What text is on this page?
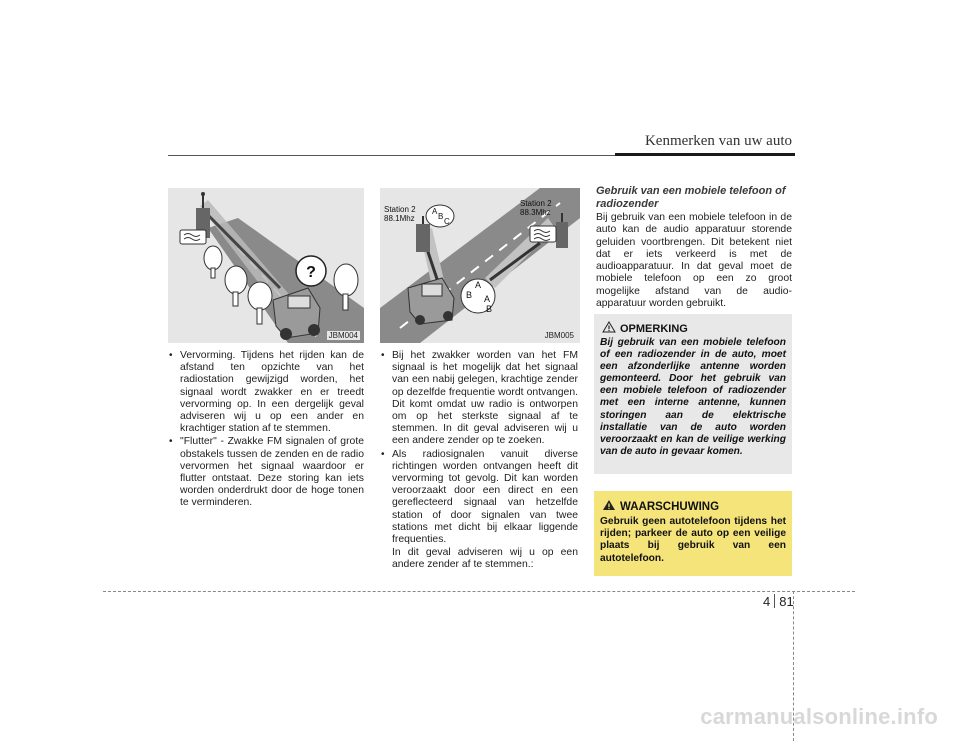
Kenmerken van uw auto
?
JBM004
Station 2
88.1Mhz
Station 2
88.3Mhz
A
B
C
A
B A
B
JBM005
• Vervorming. Tijdens het rijden kan de afstand ten opzichte van het radiostation gewijzigd worden, het signaal wordt zwakker en er treedt vervorming op. In een dergelijk geval adviseren wij u op een ander en krachtiger station af te stemmen.
• "Flutter" - Zwakke FM signalen of grote obstakels tussen de zenden en de radio vervormen het signaal waardoor er flutter ontstaat. Deze storing kan iets worden onderdrukt door de hoge tonen te verminderen.
• Bij het zwakker worden van het FM signaal is het mogelijk dat het signaal van een nabij gelegen, krachtige zender op dezelfde frequentie wordt ontvangen. Dit komt omdat uw radio is ontworpen om op het sterkste signaal af te stemmen. In dit geval adviseren wij u een andere zender op te zoeken.
• Als radiosignalen vanuit diverse richtingen worden ontvangen heeft dit vervorming tot gevolg. Dit kan worden veroorzaakt door een direct en een gereflecteerd signaal van hetzelfde station of door signalen van twee stations met dicht bij elkaar liggende frequenties.
In dit geval adviseren wij u op een andere zender af te stemmen.:
Gebruik van een mobiele telefoon of radiozender
Bij gebruik van een mobiele telefoon in de auto kan de audio apparatuur storende geluiden voortbrengen. Dit betekent niet dat er iets verkeerd is met de audioapparatuur. In dat geval moet de mobiele telefoon op een zo groot mogelijke afstand van de audio-apparatuur worden gebruikt.
OPMERKING
Bij gebruik van een mobiele telefoon of een radiozender in de auto, moet een afzonderlijke antenne worden gemonteerd. Door het gebruik van een mobiele telefoon of radiozender met een interne antenne, kunnen storingen aan de elektrische installatie van de auto worden veroorzaakt en kan de veilige werking van de auto in gevaar komen.
WAARSCHUWING
Gebruik geen autotelefoon tijdens het rijden; parkeer de auto op een veilige plaats bij gebruik van een autotelefoon.
4 81
carmanualsonline.info
